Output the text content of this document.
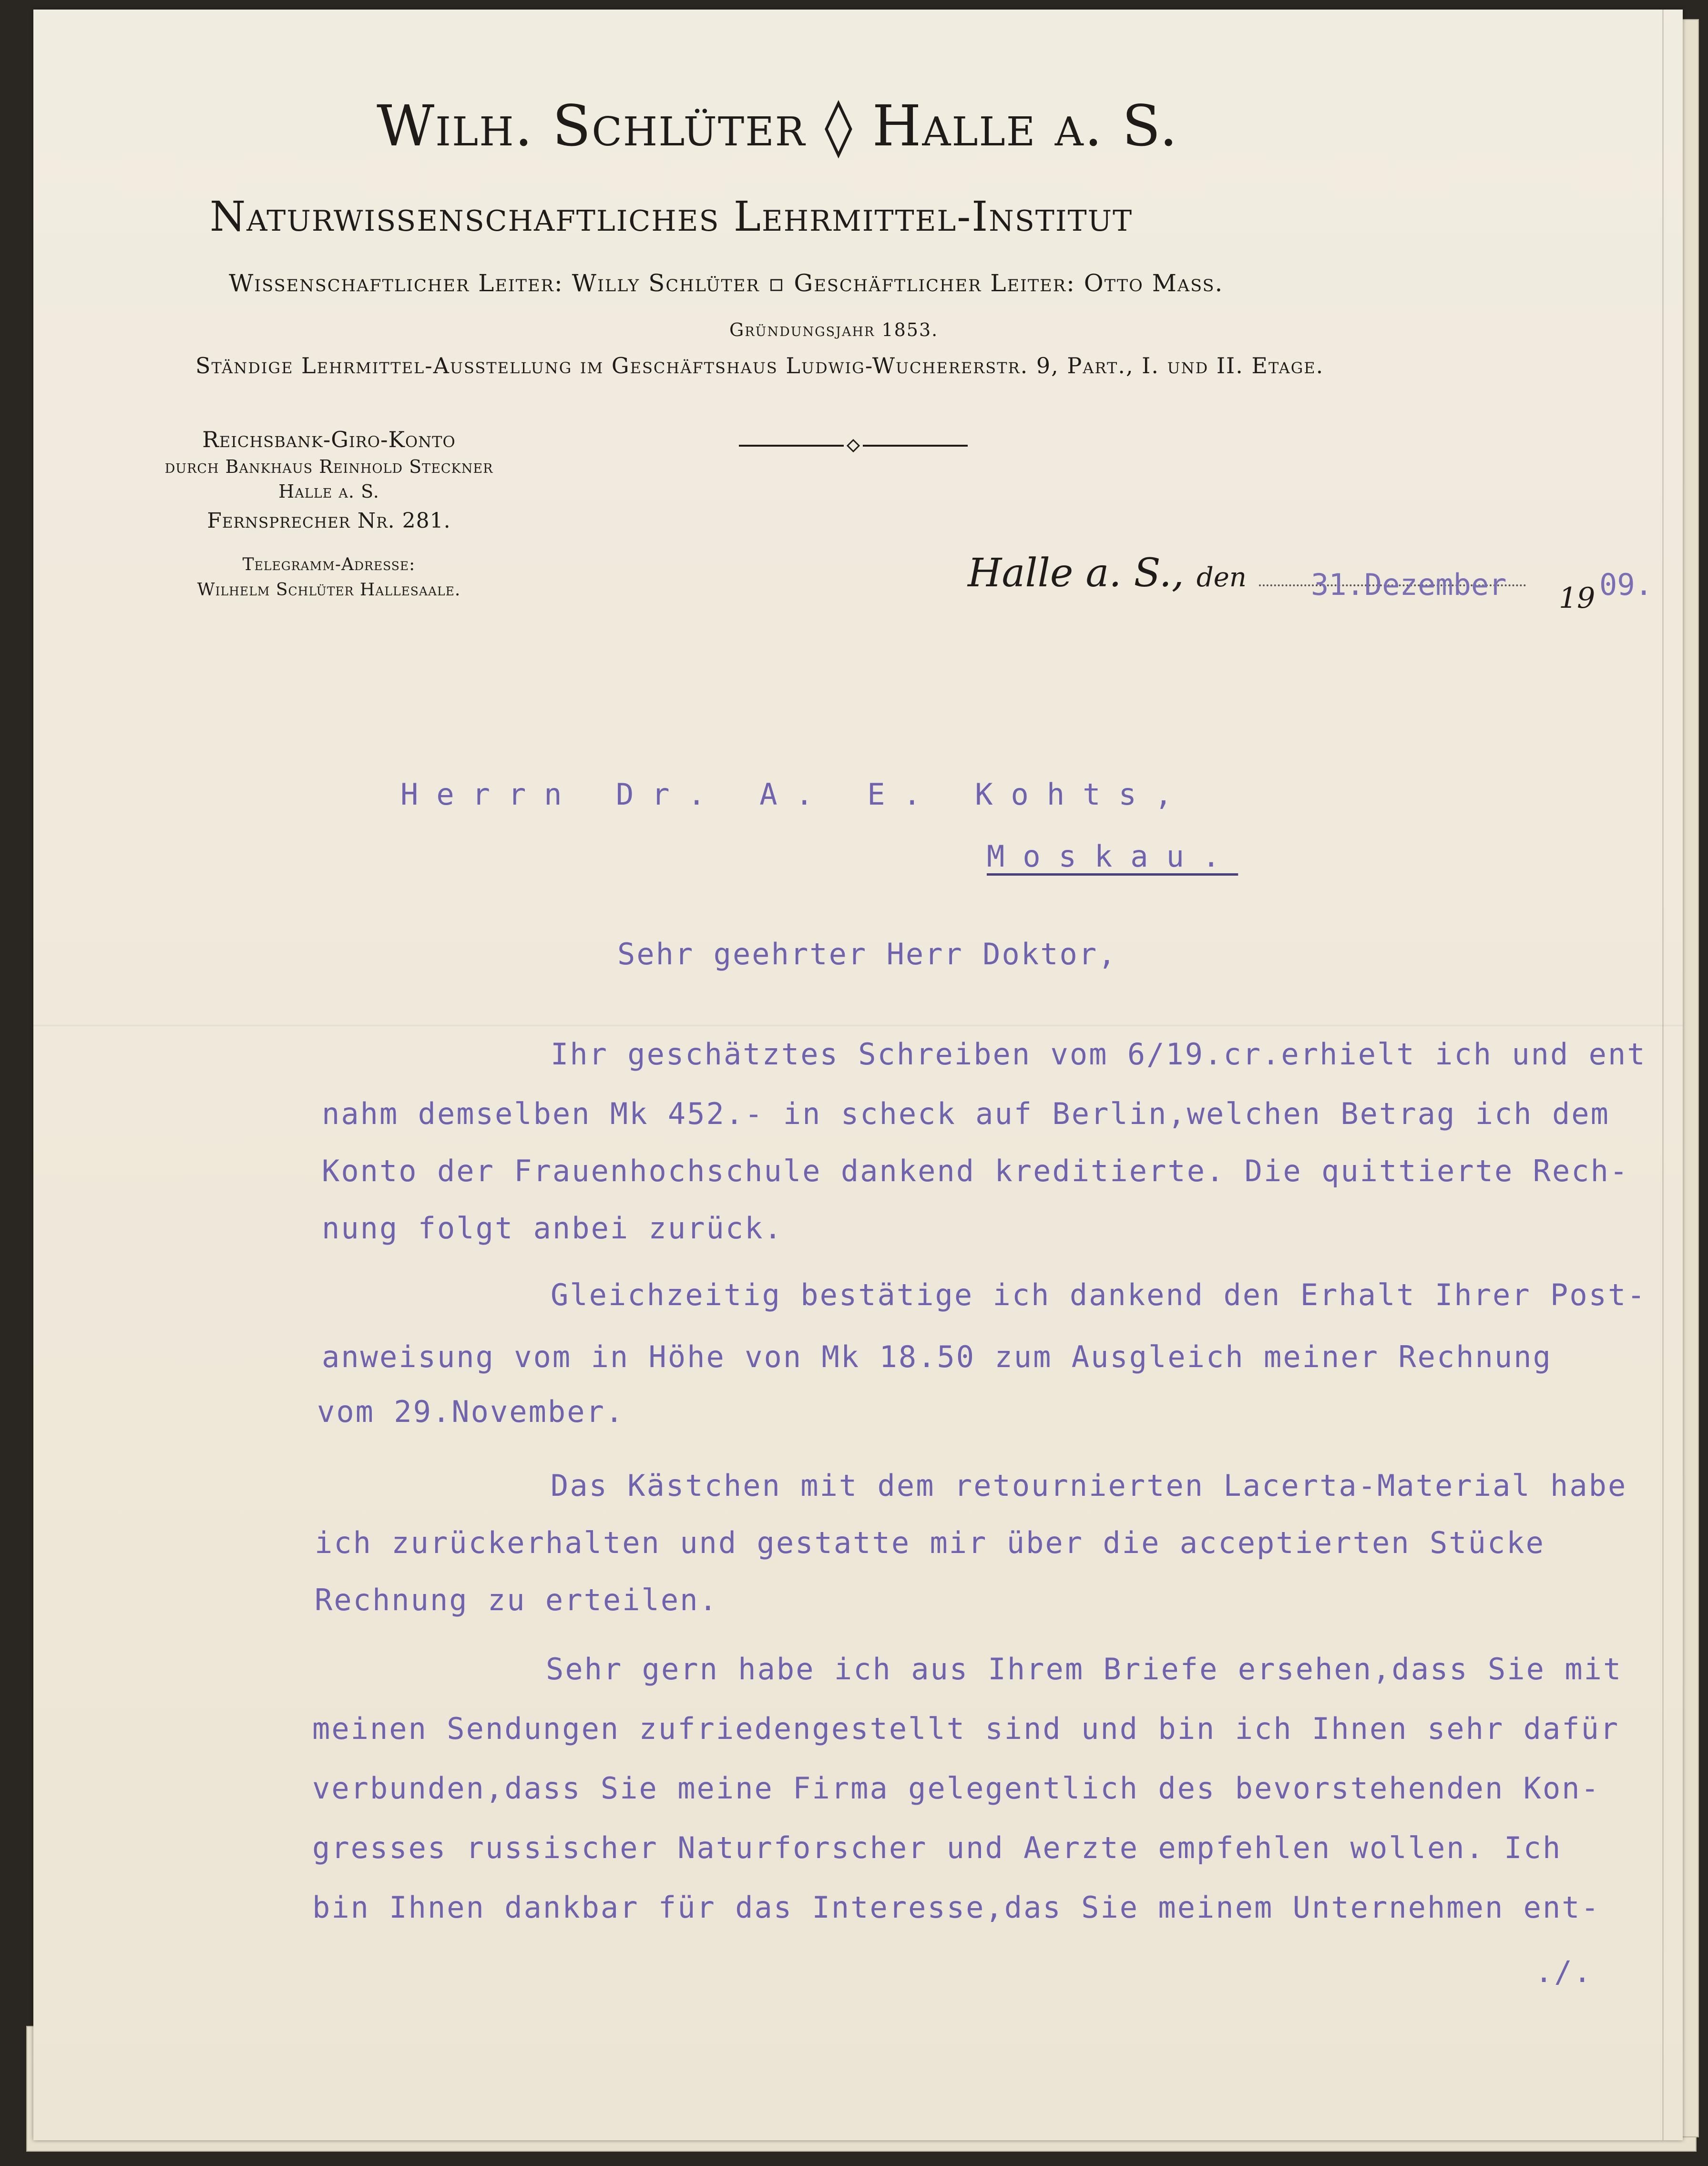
Wilh. Schlüter ◊ Halle a. S.
Naturwissenschaftliches Lehrmittel-Institut
Wissenschaftlicher Leiter: Willy Schlüter ▫ Geschäftlicher Leiter: Otto Mass.
Gründungsjahr 1853.
Ständige Lehrmittel-Ausstellung im Geschäftshaus Ludwig-Wuchererstr. 9, Part., I. und II. Etage.
Reichsbank-Giro-Konto
durch Bankhaus Reinhold Steckner
Halle a. S.
Fernsprecher Nr. 281.
Telegramm-Adresse:
Wilhelm Schlüter Hallesaale.	Halle a. S., den	31.Dezember 19 09.
Herrn Dr. A. E. Kohts,
Moskau.
Sehr geehrter Herr Doktor,
Ihr geschätztes Schreiben vom 6/19.cr.erhielt ich und ent
nahm demselben Mk 452.- in scheck auf Berlin,welchen Betrag ich dem
Konto der Frauenhochschule dankend kreditierte. Die quittierte Rech-
nung folgt anbei zurück.
Gleichzeitig bestätige ich dankend den Erhalt Ihrer Post-
anweisung vom in Höhe von Mk 18.50 zum Ausgleich meiner Rechnung
vom 29.November.
Das Kästchen mit dem retournierten Lacerta-Material habe
ich zurückerhalten und gestatte mir über die acceptierten Stücke
Rechnung zu erteilen.
Sehr gern habe ich aus Ihrem Briefe ersehen,dass Sie mit
meinen Sendungen zufriedengestellt sind und bin ich Ihnen sehr dafür
verbunden,dass Sie meine Firma gelegentlich des bevorstehenden Kon-
gresses russischer Naturforscher und Aerzte empfehlen wollen. Ich
bin Ihnen dankbar für das Interesse,das Sie meinem Unternehmen ent-
./.
